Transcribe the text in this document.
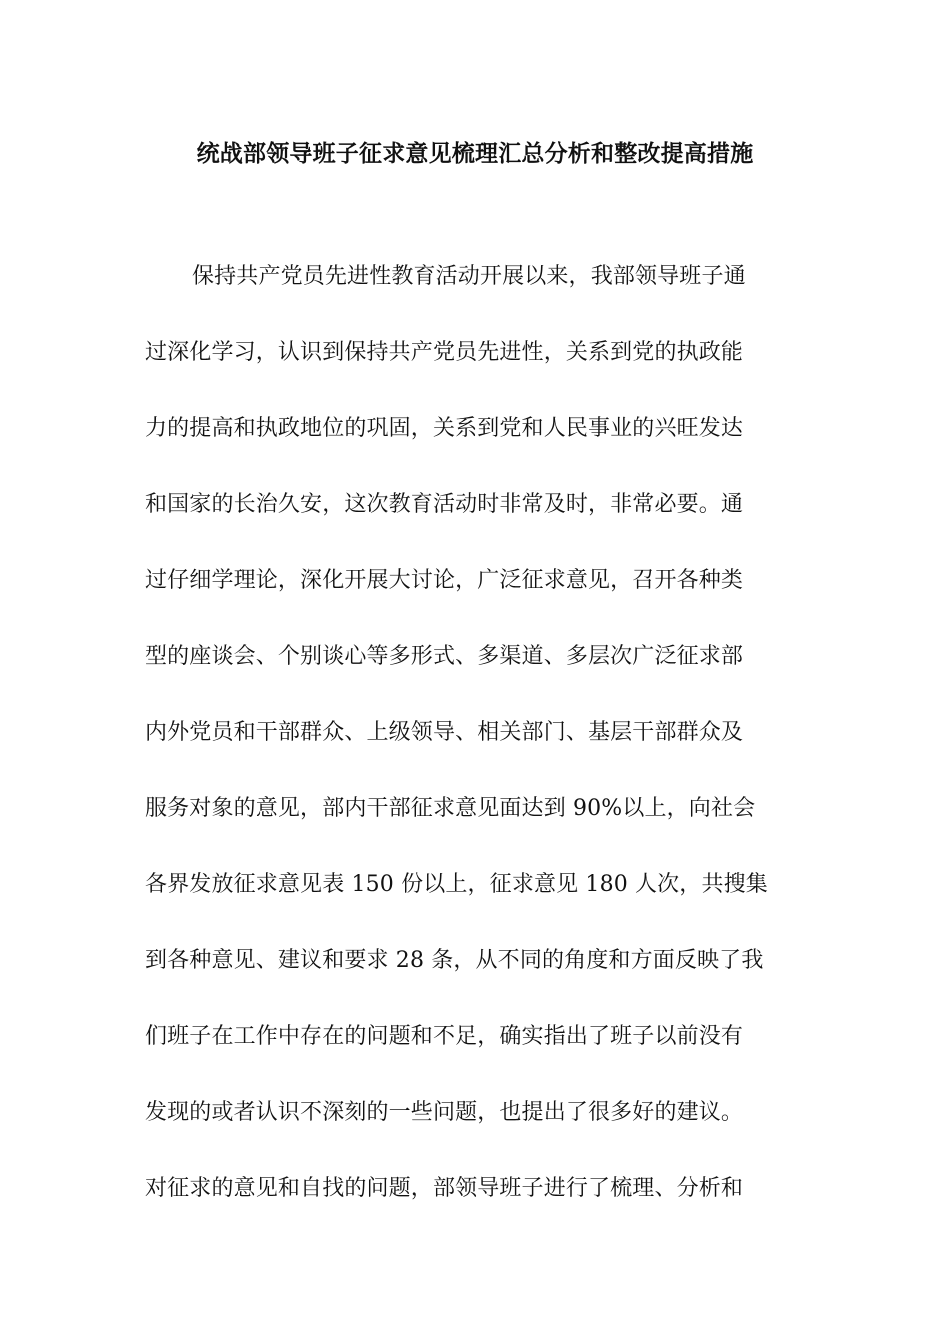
统战部领导班子征求意见梳理汇总分析和整改提高措施
保持共产党员先进性教育活动开展以来，我部领导班子通
过深化学习，认识到保持共产党员先进性，关系到党的执政能
力的提高和执政地位的巩固，关系到党和人民事业的兴旺发达
和国家的长治久安，这次教育活动时非常及时，非常必要。通
过仔细学理论，深化开展大讨论，广泛征求意见，召开各种类
型的座谈会、个别谈心等多形式、多渠道、多层次广泛征求部
内外党员和干部群众、上级领导、相关部门、基层干部群众及
服务对象的意见，部内干部征求意见面达到 90%以上，向社会
各界发放征求意见表 150 份以上，征求意见 180 人次，共搜集
到各种意见、建议和要求 28 条，从不同的角度和方面反映了我
们班子在工作中存在的问题和不足，确实指出了班子以前没有
发现的或者认识不深刻的一些问题，也提出了很多好的建议。
对征求的意见和自找的问题，部领导班子进行了梳理、分析和
